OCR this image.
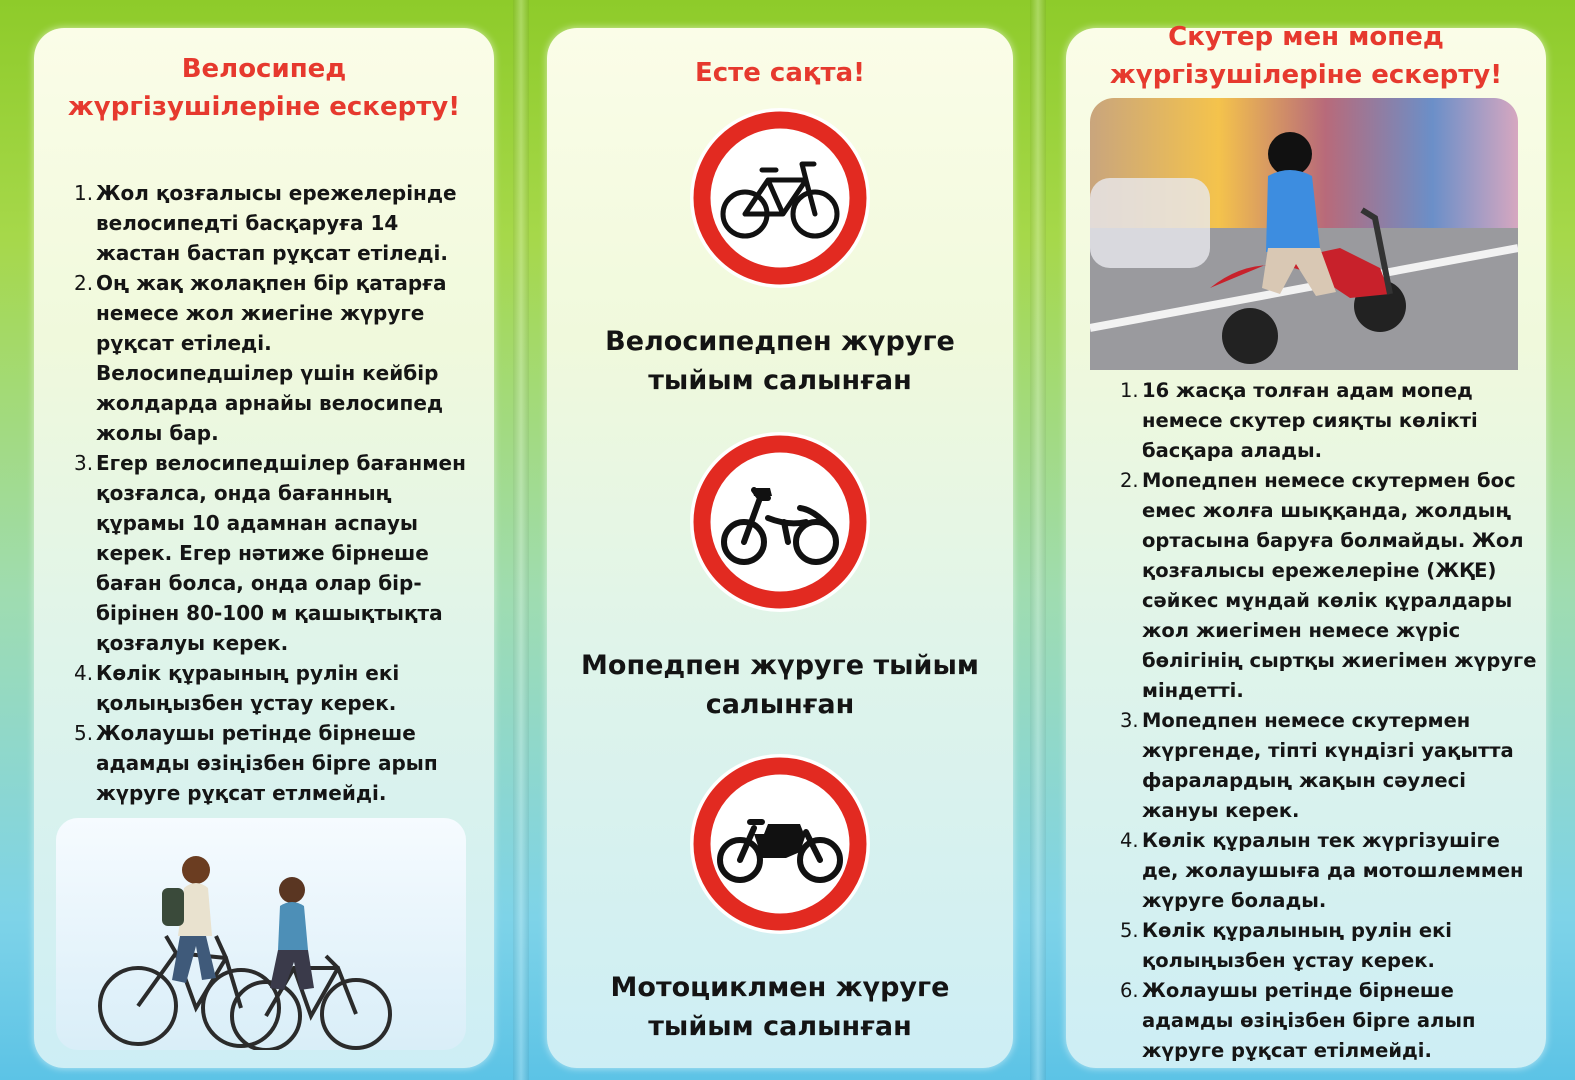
Велосипед жүргізушілеріне ескерту!
1. Жол қозғалысы ережелерінде велосипедті басқаруға 14 жастан бастап рұқсат етіледі.
2. Оң жақ жолақпен бір қатарға немесе жол жиегіне жүруге рұқсат етіледі. Велосипедшілер үшін кейбір жолдарда арнайы велосипед жолы бар.
3. Егер велосипедшілер бағанмен қозғалса, онда бағанның құрамы 10 адамнан аспауы керек. Егер нәтиже бірнеше баған болса, онда олар бір-бірінен 80-100 м қашықтықта қозғалуы керек.
4. Көлік құраының рулін екі қолыңызбен ұстау керек.
5. Жолаушы ретінде бірнеше адамды өзіңізбен бірге арып жүруге рұқсат етлмейді.
Есте сақта!
Велосипедпен жүруге тыйым салынған
Мопедпен жүруге тыйым салынған
Мотоциклмен жүруге тыйым салынған
Скутер мен мопед жүргізушілеріне ескерту!
1. 16 жасқа толған адам мопед немесе скутер сияқты көлікті басқара алады.
2. Мопедпен немесе скутермен бос емес жолға шыққанда, жолдың ортасына баруға болмайды. Жол қозғалысы ережелеріне (ЖҚЕ) сәйкес мұндай көлік құралдары жол жиегімен немесе жүріс бөлігінің сыртқы жиегімен жүруге міндетті.
3. Мопедпен немесе скутермен жүргенде, тіпті күндізгі уақытта фаралардың жақын сәулесі жануы керек.
4. Көлік құралын тек жүргізушіге де, жолаушыға да мотошлеммен жүруге болады.
5. Көлік құралының рулін екі қолыңызбен ұстау керек.
6. Жолаушы ретінде бірнеше адамды өзіңізбен бірге алып жүруге рұқсат етілмейді.
